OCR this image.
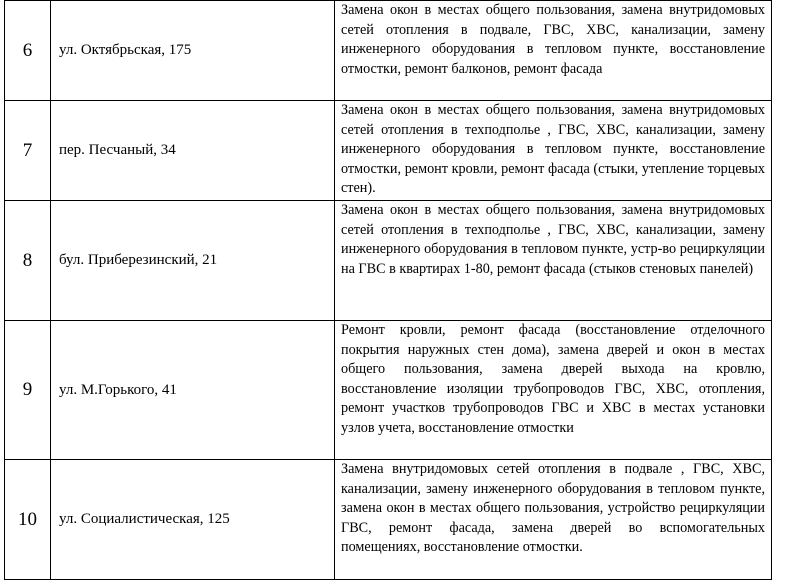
6	ул. Октябрьская, 175	Замена окон в местах общего пользования, замена внутридомовых сетей отопления в подвале, ГВС, ХВС, канализации, замену инженерного оборудования в тепловом пункте, восстановление отмостки, ремонт балконов, ремонт фасада

7	пер. Песчаный, 34	Замена окон в местах общего пользования, замена внутридомовых сетей отопления в техподполье , ГВС, ХВС, канализации, замену инженерного оборудования в тепловом пункте, восстановление отмостки, ремонт кровли, ремонт фасада (стыки, утепление торцевых стен).

8	бул. Приберезинский, 21	Замена окон в местах общего пользования, замена внутридомовых сетей отопления в техподполье , ГВС, ХВС, канализации, замену инженерного оборудования в тепловом пункте, устр-во рециркуляции на ГВС в квартирах 1-80, ремонт фасада (стыков стеновых панелей)

9	ул. М.Горького, 41	Ремонт кровли, ремонт фасада (восстановление отделочного покрытия наружных стен дома), замена дверей и окон в местах общего пользования, замена дверей выхода на кровлю, восстановление изоляции трубопроводов ГВС, ХВС, отопления, ремонт участков трубопроводов ГВС и ХВС в местах установки узлов учета, восстановление отмостки

10	ул. Социалистическая, 125	Замена внутридомовых сетей отопления в подвале , ГВС, ХВС, канализации, замену инженерного оборудования в тепловом пункте, замена окон в местах общего пользования, устройство рециркуляции ГВС, ремонт фасада, замена дверей во вспомогательных помещениях, восстановление отмостки.
